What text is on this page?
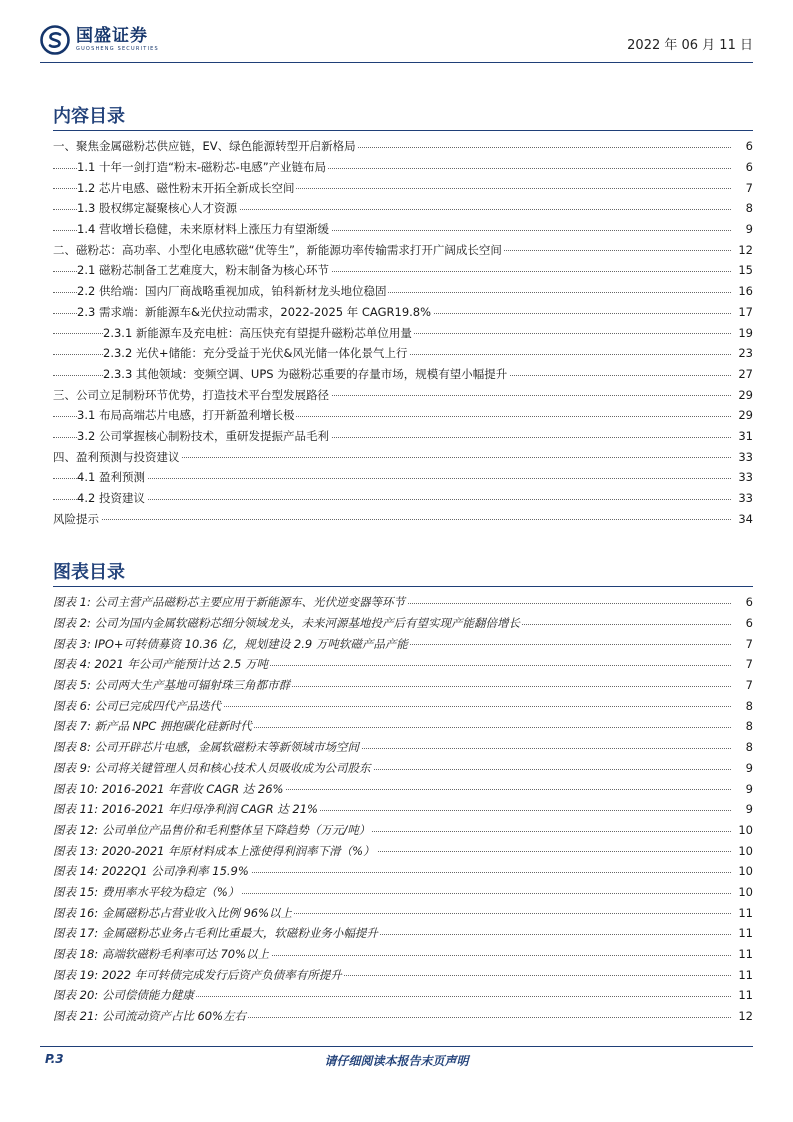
国盛证券
GUOSHENG SECURITIES	2022 年 06 月 11 日
内容目录
一、聚焦金属磁粉芯供应链，EV、绿色能源转型开启新格局	6
1.1 十年一剑打造“粉末-磁粉芯-电感”产业链布局	6
1.2 芯片电感、磁性粉末开拓全新成长空间	7
1.3 股权绑定凝聚核心人才资源	8
1.4 营收增长稳健，未来原材料上涨压力有望渐缓	9
二、磁粉芯：高功率、小型化电感软磁“优等生”，新能源功率传输需求打开广阔成长空间	12
2.1 磁粉芯制备工艺难度大，粉末制备为核心环节	15
2.2 供给端：国内厂商战略重视加成，铂科新材龙头地位稳固	16
2.3 需求端：新能源车&光伏拉动需求，2022-2025 年 CAGR19.8%	17
2.3.1 新能源车及充电桩：高压快充有望提升磁粉芯单位用量	19
2.3.2 光伏+储能：充分受益于光伏&风光储一体化景气上行	23
2.3.3 其他领域：变频空调、UPS 为磁粉芯重要的存量市场，规模有望小幅提升	27
三、公司立足制粉环节优势，打造技术平台型发展路径	29
3.1 布局高端芯片电感，打开新盈利增长极	29
3.2 公司掌握核心制粉技术，重研发提振产品毛利	31
四、盈利预测与投资建议	33
4.1 盈利预测	33
4.2 投资建议	33
风险提示	34
图表目录
图表 1: 公司主营产品磁粉芯主要应用于新能源车、光伏逆变器等环节	6
图表 2: 公司为国内金属软磁粉芯细分领域龙头，未来河源基地投产后有望实现产能翻倍增长	6
图表 3: IPO+可转债募资 10.36 亿，规划建设 2.9 万吨软磁产品产能	7
图表 4: 2021 年公司产能预计达 2.5 万吨	7
图表 5: 公司两大生产基地可辐射珠三角都市群	7
图表 6: 公司已完成四代产品迭代	8
图表 7: 新产品 NPC 拥抱碳化硅新时代	8
图表 8: 公司开辟芯片电感，金属软磁粉末等新领域市场空间	8
图表 9: 公司将关键管理人员和核心技术人员吸收成为公司股东	9
图表 10: 2016-2021 年营收 CAGR 达 26%	9
图表 11: 2016-2021 年归母净利润 CAGR 达 21%	9
图表 12: 公司单位产品售价和毛利整体呈下降趋势（万元/吨）	10
图表 13: 2020-2021 年原材料成本上涨使得利润率下滑（%）	10
图表 14: 2022Q1 公司净利率 15.9%	10
图表 15: 费用率水平较为稳定（%）	10
图表 16: 金属磁粉芯占营业收入比例 96%以上	11
图表 17: 金属磁粉芯业务占毛利比重最大，软磁粉业务小幅提升	11
图表 18: 高端软磁粉毛利率可达 70%以上	11
图表 19: 2022 年可转债完成发行后资产负债率有所提升	11
图表 20: 公司偿债能力健康	11
图表 21: 公司流动资产占比 60%左右	12
P.3	请仔细阅读本报告末页声明
